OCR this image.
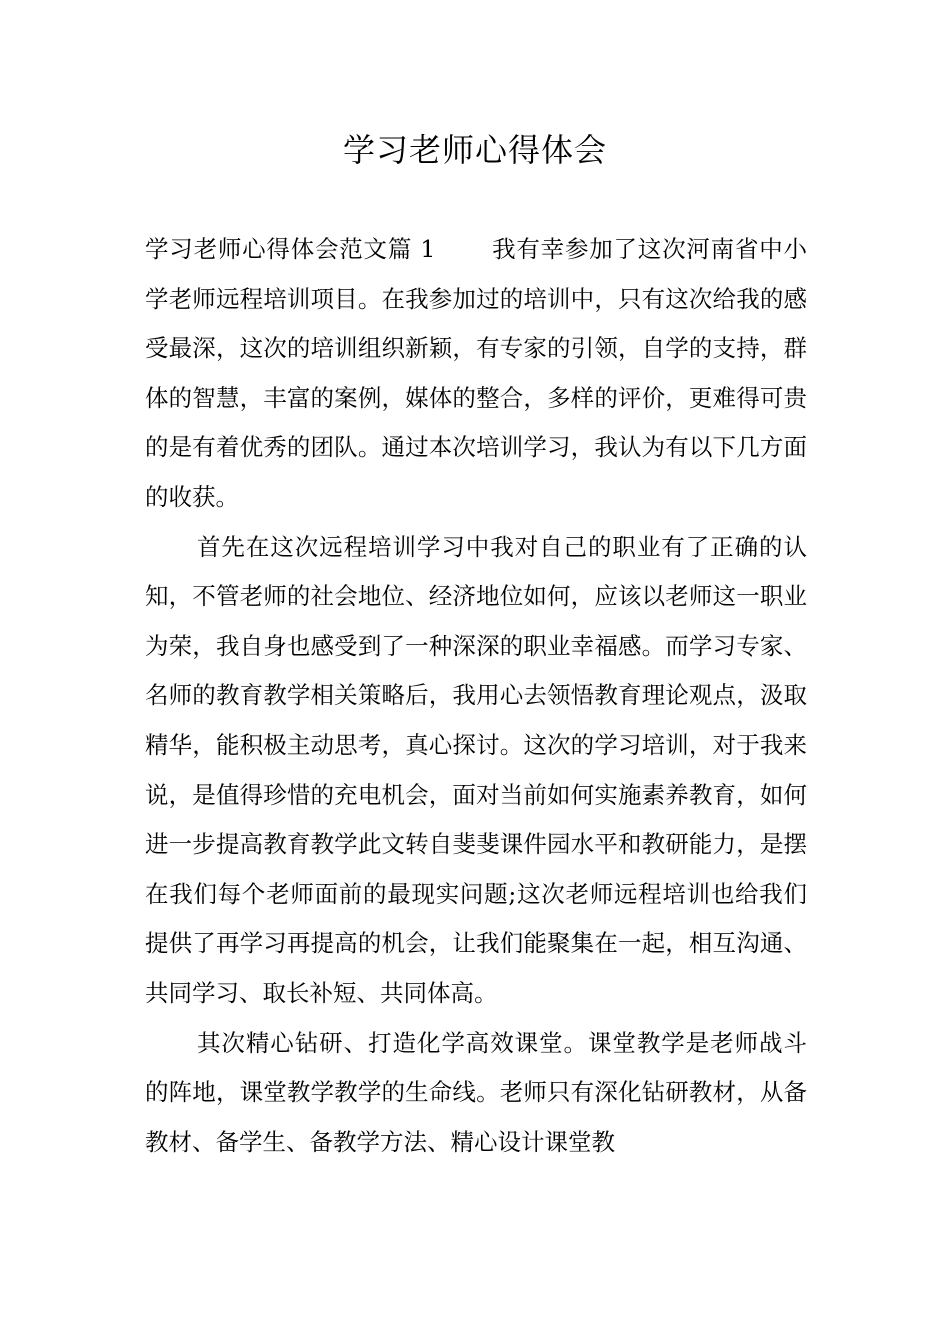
学习老师心得体会

学习老师心得体会范文篇 1 我有幸参加了这次河南省中小学老师远程培训项目。在我参加过的培训中，只有这次给我的感受最深，这次的培训组织新颖，有专家的引领，自学的支持，群体的智慧，丰富的案例，媒体的整合，多样的评价，更难得可贵的是有着优秀的团队。通过本次培训学习，我认为有以下几方面的收获。

首先在这次远程培训学习中我对自己的职业有了正确的认知，不管老师的社会地位、经济地位如何，应该以老师这一职业为荣，我自身也感受到了一种深深的职业幸福感。而学习专家、名师的教育教学相关策略后，我用心去领悟教育理论观点，汲取精华，能积极主动思考，真心探讨。这次的学习培训，对于我来说，是值得珍惜的充电机会，面对当前如何实施素养教育，如何进一步提高教育教学此文转自斐斐课件园水平和教研能力，是摆在我们每个老师面前的最现实问题;这次老师远程培训也给我们提供了再学习再提高的机会，让我们能聚集在一起，相互沟通、共同学习、取长补短、共同体高。

其次精心钻研、打造化学高效课堂。课堂教学是老师战斗的阵地，课堂教学教学的生命线。老师只有深化钻研教材，从备教材、备学生、备教学方法、精心设计课堂教
